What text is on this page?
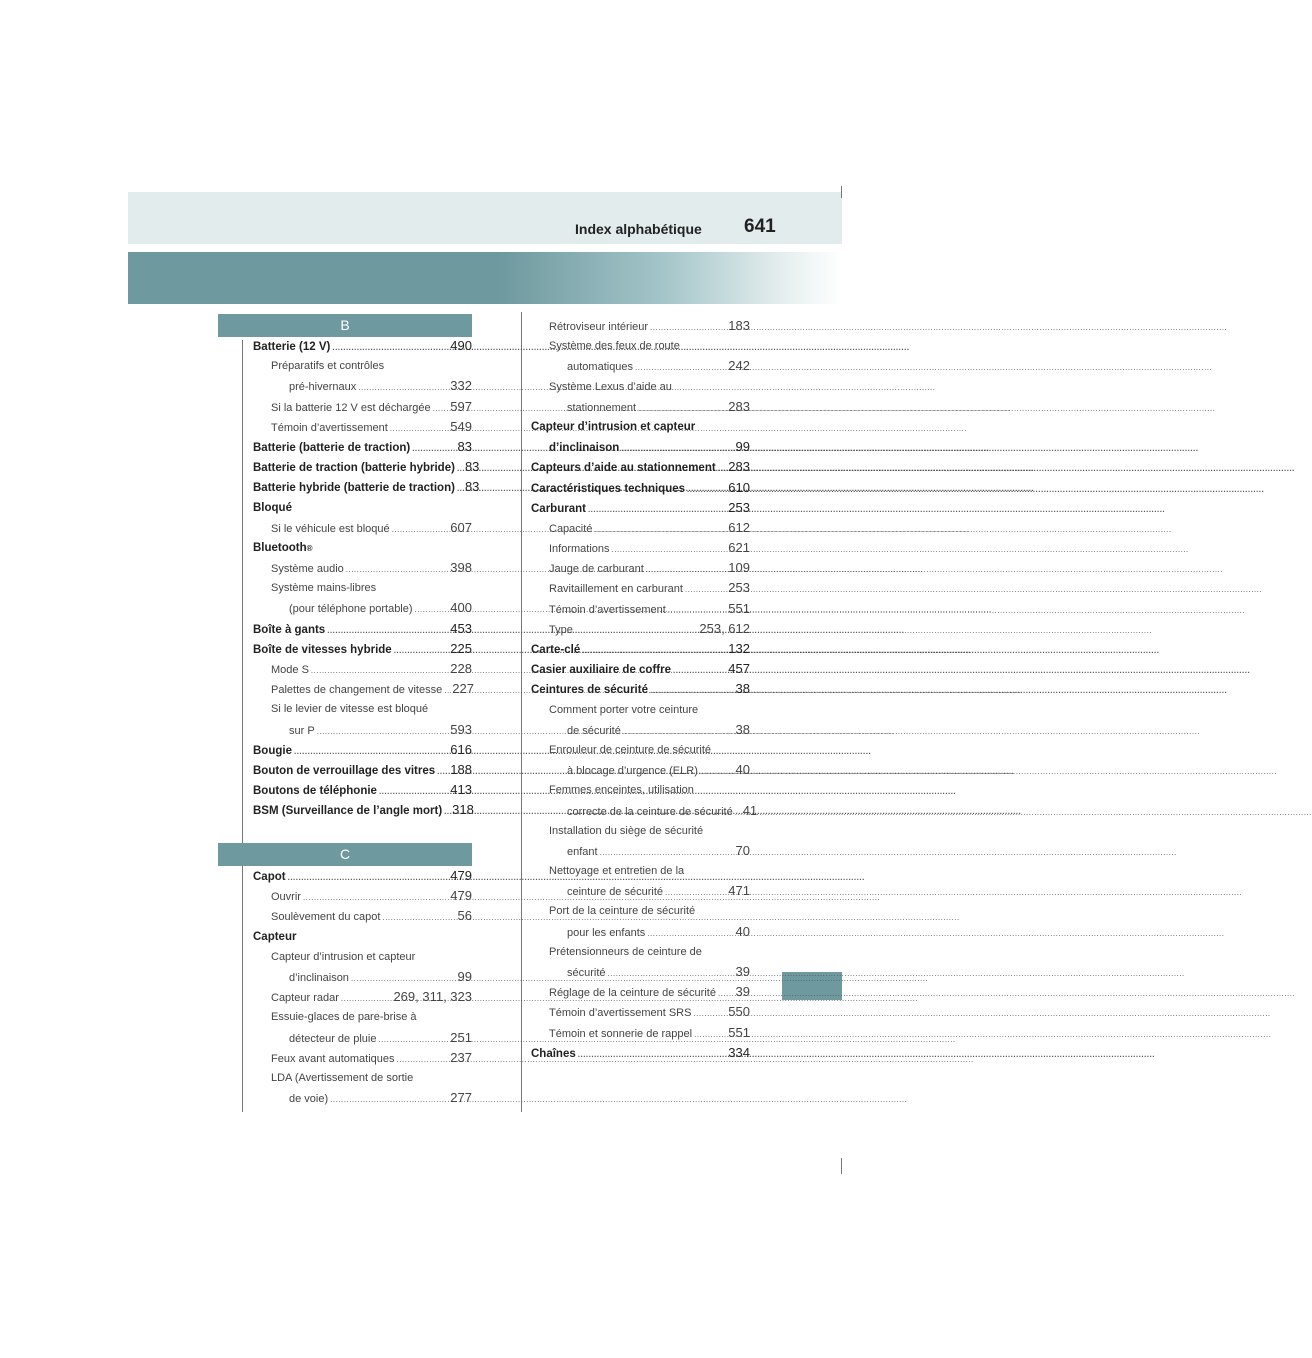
Index alphabétique 641
B
Batterie (12 V) .....	490
Préparatifs et contrôles
pré-hivernaux .....	332
Si la batterie 12 V est déchargée ..... 597
Témoin d’avertissement .....	549
Batterie (batterie de traction) .....	83
Batterie de traction (batterie hybride) ..... 83
Batterie hybride (batterie de traction) ..... 83
Bloqué
Si le véhicule est bloqué .....	607
Bluetooth ®
Système audio .....	398
Système mains-libres
(pour téléphone portable) .....	400
Boîte à gants .....	453
Boîte de vitesses hybride .....	225
Mode S .....	228
Palettes de changement de vitesse ..... 227
Si le levier de vitesse est bloqué
sur P .....	593
Bougie .....	616
Bouton de verrouillage des vitres ..... 188
Boutons de téléphonie .....	413
BSM (Surveillance de l’angle mort) ..... 318
C
Capot .....	479
Ouvrir .....	479
Soulèvement du capot .....	56
Capteur
Capteur d’intrusion et capteur
d’inclinaison .....	99
Capteur radar .....	269, 311, 323
Essuie-glaces de pare-brise à
détecteur de pluie .....	251
Feux avant automatiques .....	237
LDA (Avertissement de sortie
de voie) .....	277
Rétroviseur intérieur .....	183
Système des feux de route
automatiques .....	242
Système Lexus d’aide au
stationnement .....	283
Capteur d’intrusion et capteur
d’inclinaison .....	99
Capteurs d’aide au stationnement ..... 283
Caractéristiques techniques .....	610
Carburant .....	253
Capacité .....	612
Informations .....	621
Jauge de carburant .....	109
Ravitaillement en carburant .....	253
Témoin d’avertissement .....	551
Type .....	253, 612
Carte-clé .....	132
Casier auxiliaire de coffre .....	457
Ceintures de sécurité .....	38
Comment porter votre ceinture
de sécurité .....	38
Enrouleur de ceinture de sécurité
à blocage d’urgence (ELR) .....	40
Femmes enceintes, utilisation
correcte de la ceinture de sécurité ..... 41
Installation du siège de sécurité
enfant .....	70
Nettoyage et entretien de la
ceinture de sécurité .....	471
Port de la ceinture de sécurité
pour les enfants .....	40
Prétensionneurs de ceinture de
sécurité .....	39
Réglage de la ceinture de sécurité ..... 39
Témoin d’avertissement SRS .....	550
Témoin et sonnerie de rappel .....	551
Chaînes .....	334
